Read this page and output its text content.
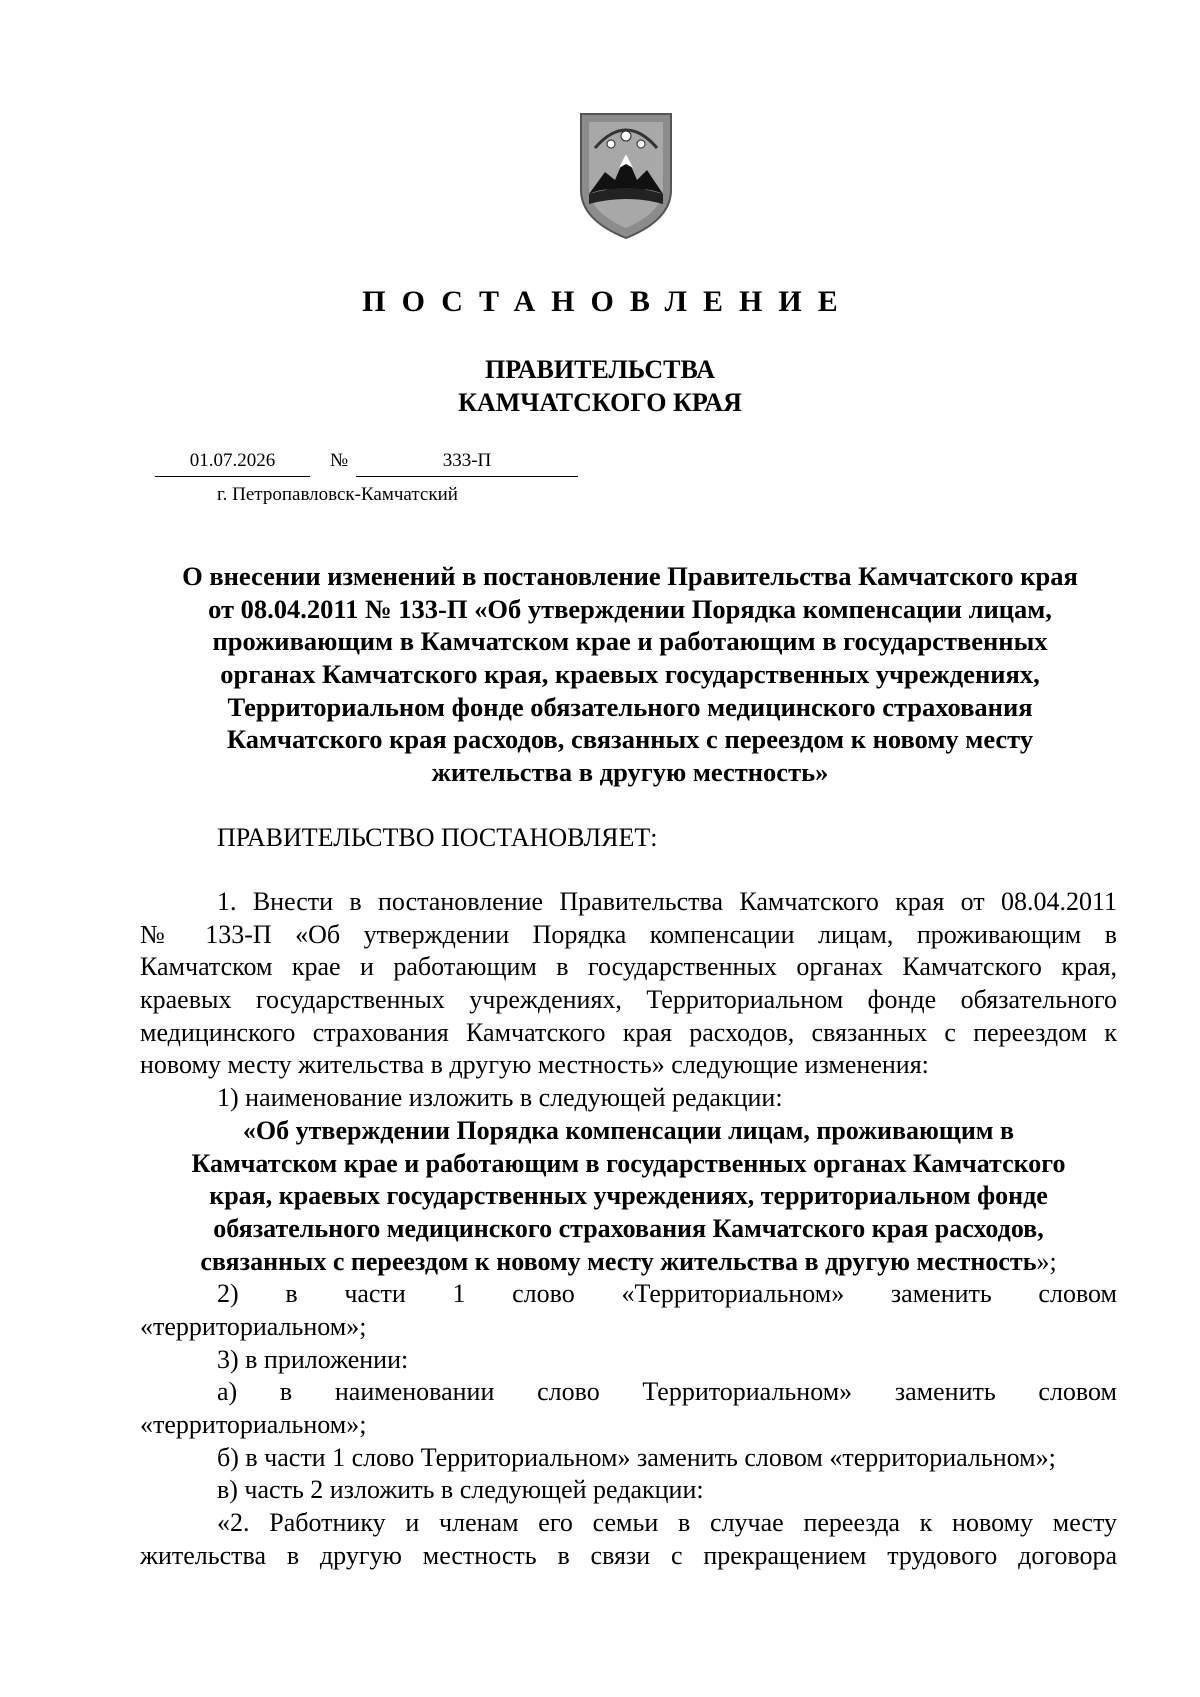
ПОСТАНОВЛЕНИЕ
ПРАВИТЕЛЬСТВА
КАМЧАТСКОГО КРАЯ
01.07.2026	№	333-П
г. Петропавловск-Камчатский
О внесении изменений в постановление Правительства Камчатского края
от 08.04.2011 № 133-П «Об утверждении Порядка компенсации лицам,
проживающим в Камчатском крае и работающим в государственных
органах Камчатского края, краевых государственных учреждениях,
Территориальном фонде обязательного медицинского страхования
Камчатского края расходов, связанных с переездом к новому месту
жительства в другую местность»
ПРАВИТЕЛЬСТВО ПОСТАНОВЛЯЕТ:
1. Внести в постановление Правительства Камчатского края от 08.04.2011
№ 133-П «Об утверждении Порядка компенсации лицам, проживающим в
Камчатском крае и работающим в государственных органах Камчатского края,
краевых государственных учреждениях, Территориальном фонде обязательного
медицинского страхования Камчатского края расходов, связанных с переездом к
новому месту жительства в другую местность» следующие изменения:
1) наименование изложить в следующей редакции:
«Об утверждении Порядка компенсации лицам, проживающим в
Камчатском крае и работающим в государственных органах Камчатского
края, краевых государственных учреждениях, территориальном фонде
обязательного медицинского страхования Камчатского края расходов,
связанных с переездом к новому месту жительства в другую местность»;
2) в части 1 слово «Территориальном» заменить словом
«территориальном»;
3) в приложении:
а) в наименовании слово Территориальном» заменить словом
«территориальном»;
б) в части 1 слово Территориальном» заменить словом «территориальном»;
в) часть 2 изложить в следующей редакции:
«2. Работнику и членам его семьи в случае переезда к новому месту
жительства в другую местность в связи с прекращением трудового договора
